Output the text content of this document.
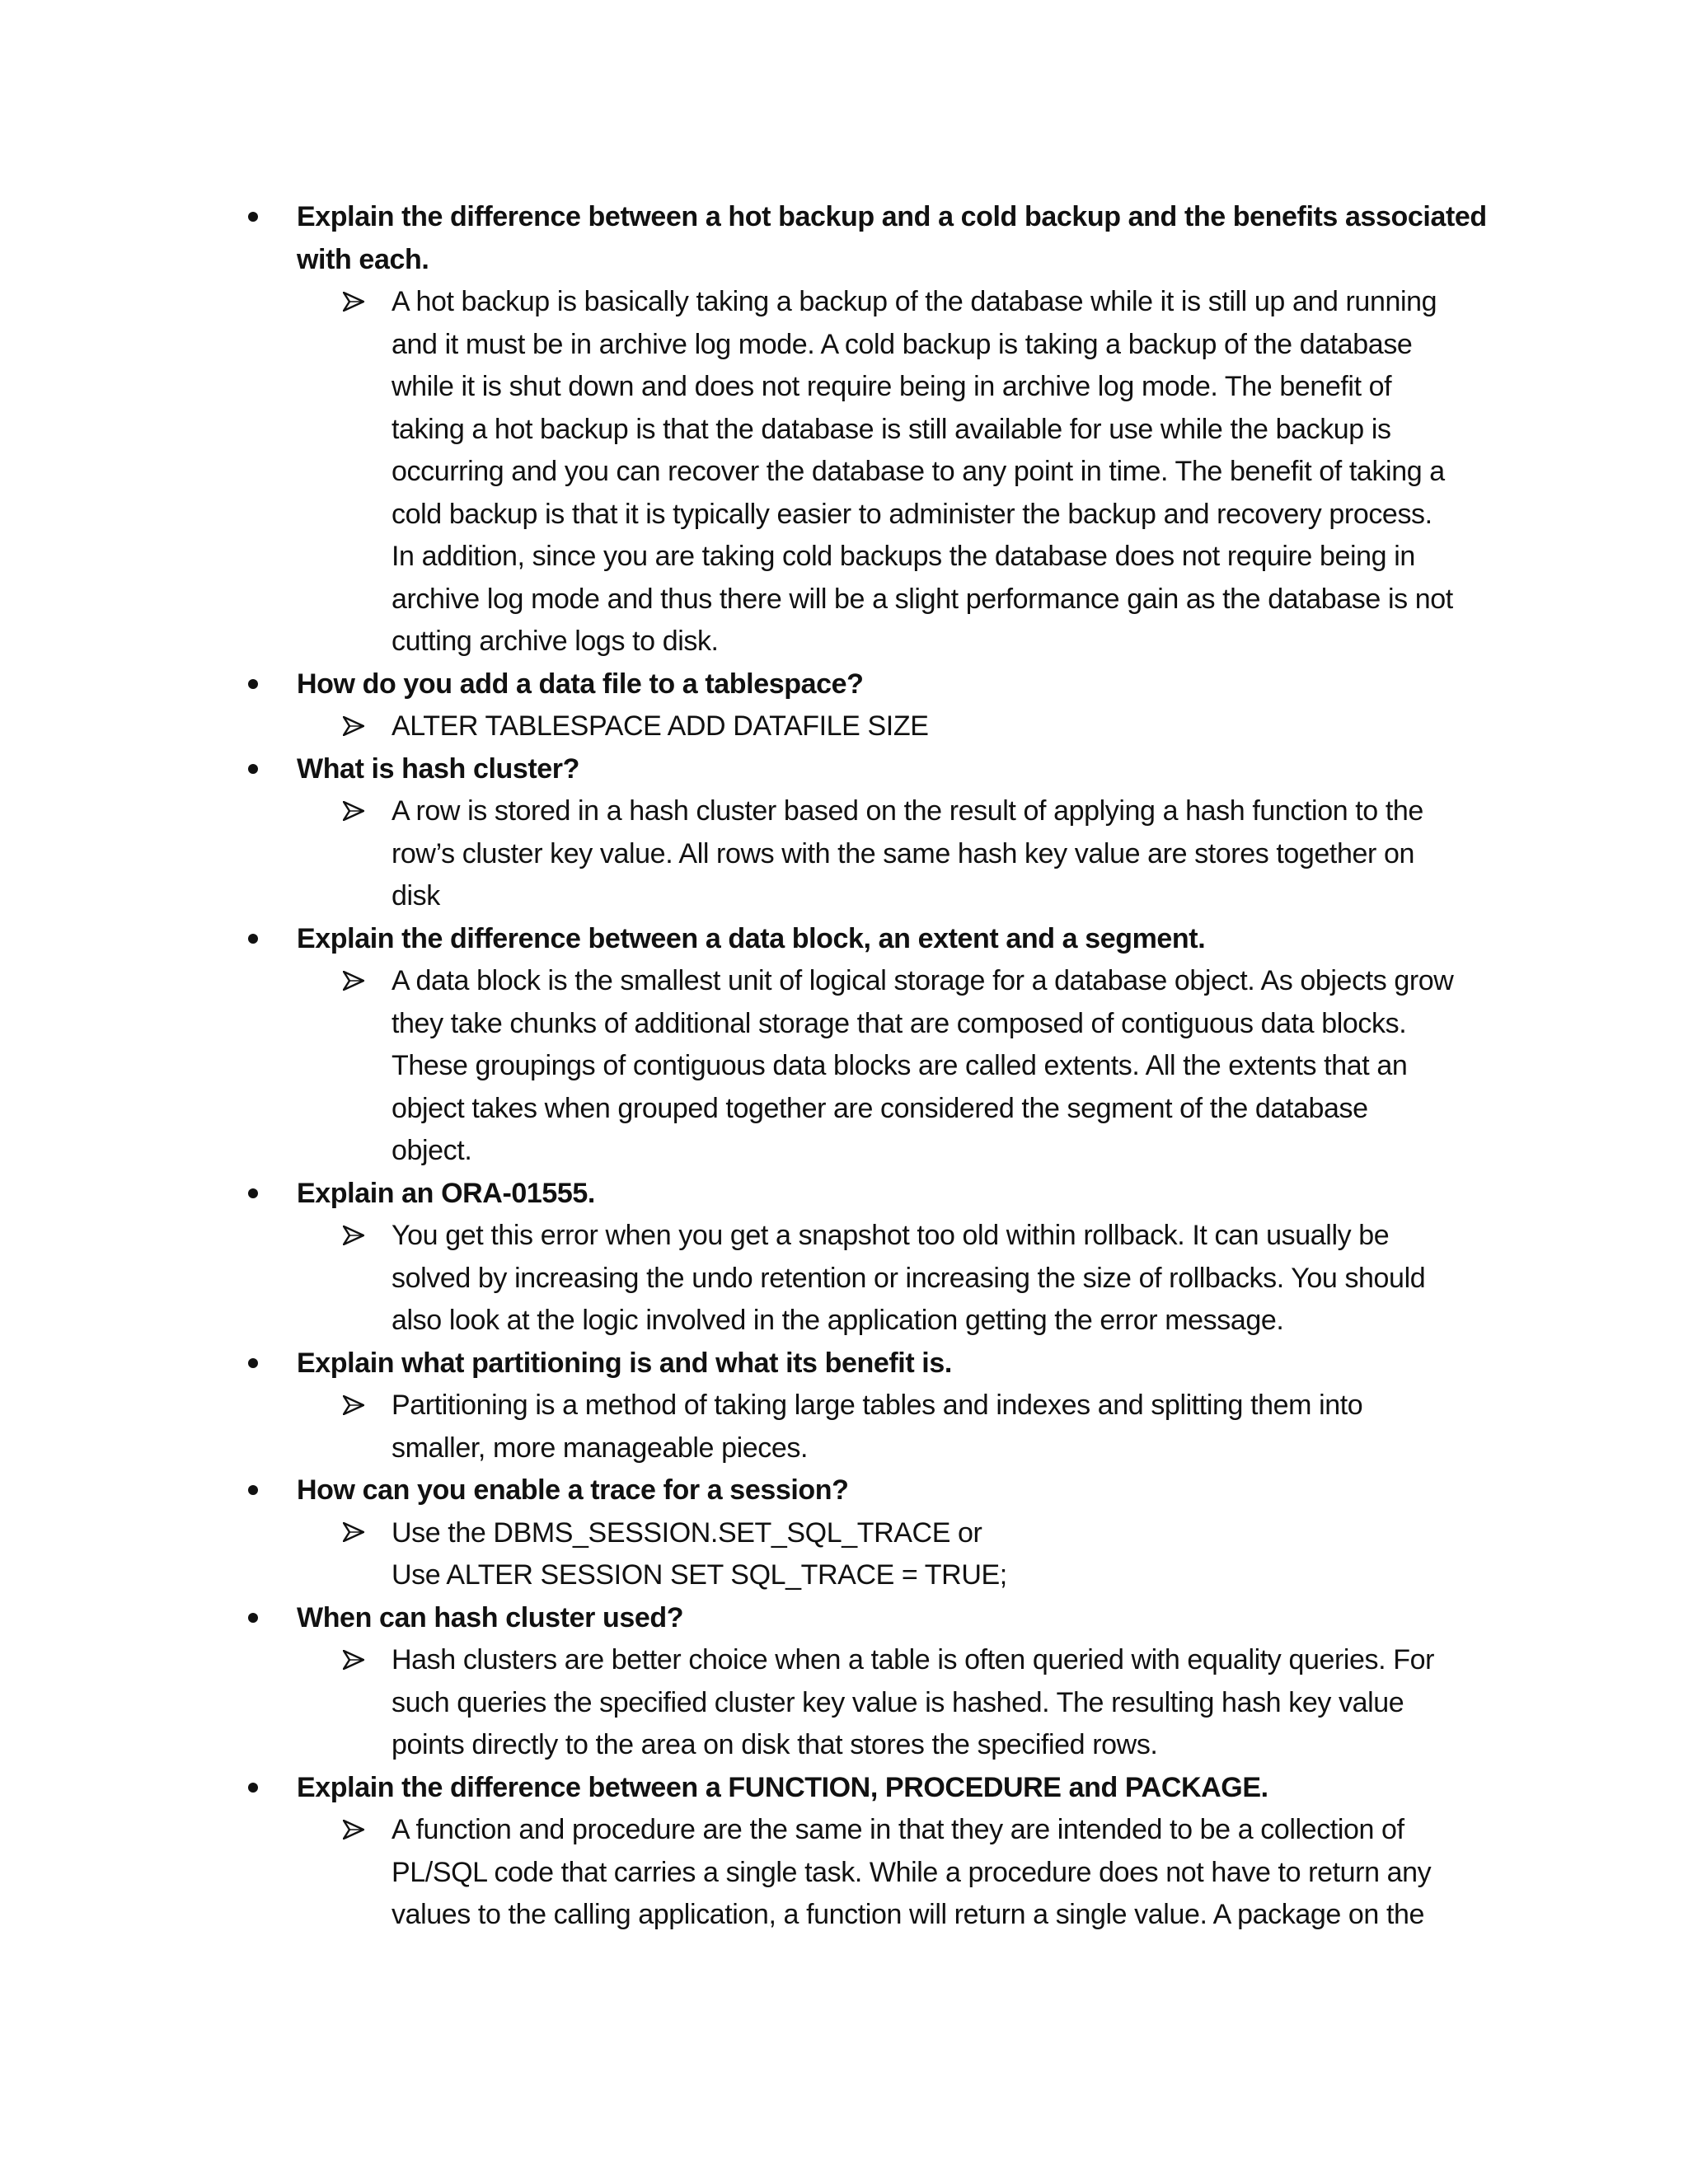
Explain the difference between a hot backup and a cold backup and the benefits associated
with each.
A hot backup is basically taking a backup of the database while it is still up and running
and it must be in archive log mode. A cold backup is taking a backup of the database
while it is shut down and does not require being in archive log mode. The benefit of
taking a hot backup is that the database is still available for use while the backup is
occurring and you can recover the database to any point in time. The benefit of taking a
cold backup is that it is typically easier to administer the backup and recovery process.
In addition, since you are taking cold backups the database does not require being in
archive log mode and thus there will be a slight performance gain as the database is not
cutting archive logs to disk.
How do you add a data file to a tablespace?
ALTER TABLESPACE ADD DATAFILE SIZE
What is hash cluster?
A row is stored in a hash cluster based on the result of applying a hash function to the
row’s cluster key value. All rows with the same hash key value are stores together on
disk
Explain the difference between a data block, an extent and a segment.
A data block is the smallest unit of logical storage for a database object. As objects grow
they take chunks of additional storage that are composed of contiguous data blocks.
These groupings of contiguous data blocks are called extents. All the extents that an
object takes when grouped together are considered the segment of the database
object.
Explain an ORA-01555.
You get this error when you get a snapshot too old within rollback. It can usually be
solved by increasing the undo retention or increasing the size of rollbacks. You should
also look at the logic involved in the application getting the error message.
Explain what partitioning is and what its benefit is.
Partitioning is a method of taking large tables and indexes and splitting them into
smaller, more manageable pieces.
How can you enable a trace for a session?
Use the DBMS_SESSION.SET_SQL_TRACE or
Use ALTER SESSION SET SQL_TRACE = TRUE;
When can hash cluster used?
Hash clusters are better choice when a table is often queried with equality queries. For
such queries the specified cluster key value is hashed. The resulting hash key value
points directly to the area on disk that stores the specified rows.
Explain the difference between a FUNCTION, PROCEDURE and PACKAGE.
A function and procedure are the same in that they are intended to be a collection of
PL/SQL code that carries a single task. While a procedure does not have to return any
values to the calling application, a function will return a single value. A package on the
